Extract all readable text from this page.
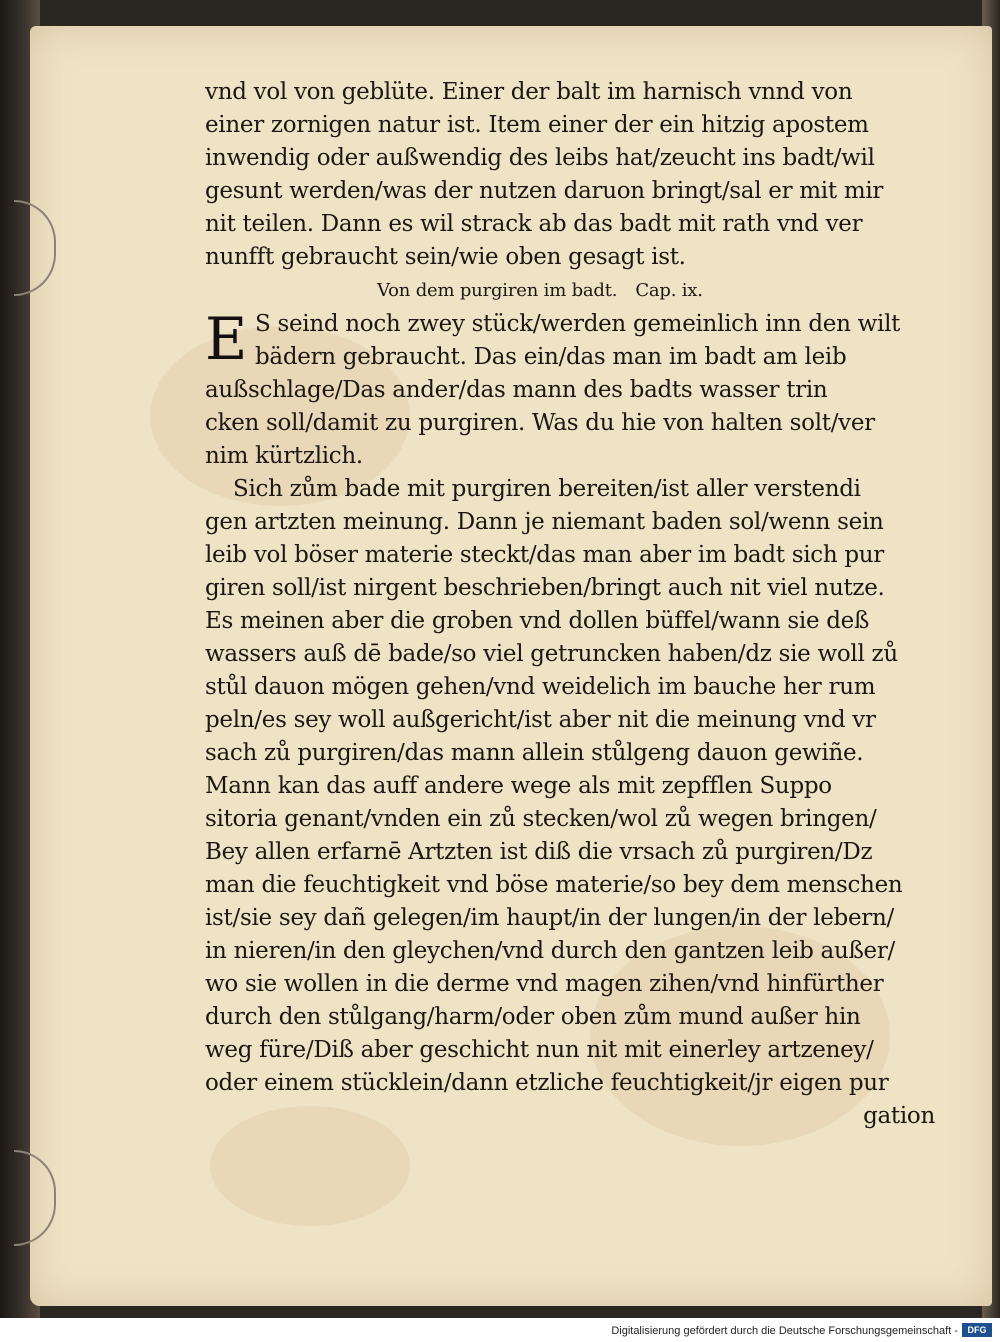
vnd vol von geblüte. Einer der balt im harnisch vnnd von
einer zornigen natur ist. Item einer der ein hitzig apostem
inwendig oder außwendig des leibs hat/zeucht ins badt/wil
gesunt werden/was der nutzen daruon bringt/sal er mit mir
nit teilen. Dann es wil strack ab das badt mit rath vnd ver
nunfft gebraucht sein/wie oben gesagt ist.
Von dem purgiren im badt. Cap. ix.
E S seind noch zwey stück/werden gemeinlich inn den wilt
bädern gebraucht. Das ein/das man im badt am leib
außschlage/Das ander/das mann des badts wasser trin
cken soll/damit zu purgiren. Was du hie von halten solt/ver
nim kürtzlich.
Sich zům bade mit purgiren bereiten/ist aller verstendi
gen artzten meinung. Dann je niemant baden sol/wenn sein
leib vol böser materie steckt/das man aber im badt sich pur
giren soll/ist nirgent beschrieben/bringt auch nit viel nutze.
Es meinen aber die groben vnd dollen büffel/wann sie deß
wassers auß dē bade/so viel getruncken haben/dz sie woll zů
stůl dauon mögen gehen/vnd weidelich im bauche her rum
peln/es sey woll außgericht/ist aber nit die meinung vnd vr
sach zů purgiren/das mann allein stůlgeng dauon gewiñe.
Mann kan das auff andere wege als mit zepfflen Suppo
sitoria genant/vnden ein zů stecken/wol zů wegen bringen/
Bey allen erfarnē Artzten ist diß die vrsach zů purgiren/Dz
man die feuchtigkeit vnd böse materie/so bey dem menschen
ist/sie sey dañ gelegen/im haupt/in der lungen/in der lebern/
in nieren/in den gleychen/vnd durch den gantzen leib außer/
wo sie wollen in die derme vnd magen zihen/vnd hinfürther
durch den stůlgang/harm/oder oben zům mund außer hin
weg füre/Diß aber geschicht nun nit mit einerley artzeney/
oder einem stücklein/dann etzliche feuchtigkeit/jr eigen pur
gation
Digitalisierung gefördert durch die Deutsche Forschungsgemeinschaft -	DFG
